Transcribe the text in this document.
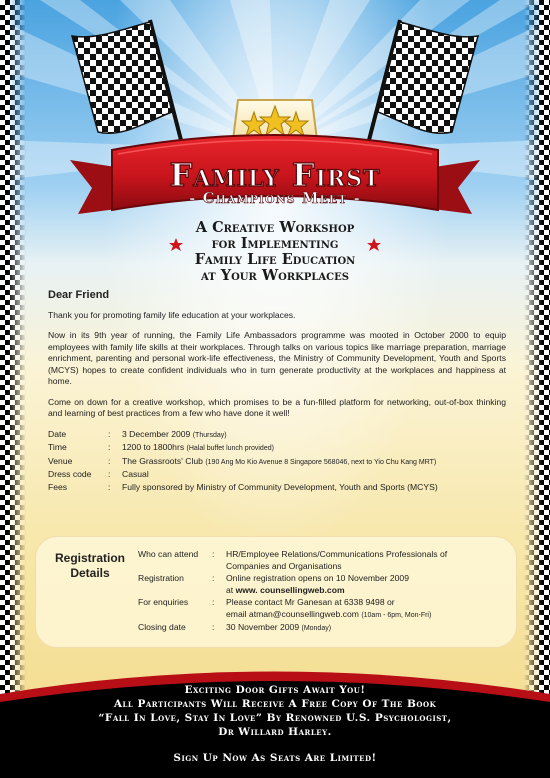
Family First
- Champions Meet -
A Creative Workshop
for Implementing
Family Life Education
at Your Workplaces
Dear Friend
Thank you for promoting family life education at your workplaces.
Now in its 9th year of running, the Family Life Ambassadors programme was mooted in October 2000 to equip employees with family life skills at their workplaces. Through talks on various topics like marriage preparation, marriage enrichment, parenting and personal work-life effectiveness, the Ministry of Community Development, Youth and Sports (MCYS) hopes to create confident individuals who in turn generate productivity at the workplaces and happiness at home.
Come on down for a creative workshop, which promises to be a fun-filled platform for networking, out-of-box thinking and learning of best practices from a few who have done it well!
Date	:	3 December 2009 (Thursday)
Time	:	1200 to 1800hrs (Halal buffet lunch provided)
Venue	:	The Grassroots' Club (190 Ang Mo Kio Avenue 8 Singapore 568046, next to Yio Chu Kang MRT)
Dress code	:	Casual
Fees	:	Fully sponsored by Ministry of Community Development, Youth and Sports (MCYS)
Registration
Details
Who can attend	:	HR/Employee Relations/Communications Professionals of Companies and Organisations
Registration	:	Online registration opens on 10 November 2009
at www. counsellingweb.com

For enquiries	:	Please contact Mr Ganesan at 6338 9498 or
email atman@counsellingweb.com (10am - 6pm, Mon-Fri)

Closing date	:	30 November 2009 (Monday)
Exciting Door Gifts Await You!
All Participants Will Receive A Free Copy Of The Book
“Fall In Love, Stay In Love” By Renowned U.S. Psychologist,
Dr Willard Harley.
Sign Up Now As Seats Are Limited!
